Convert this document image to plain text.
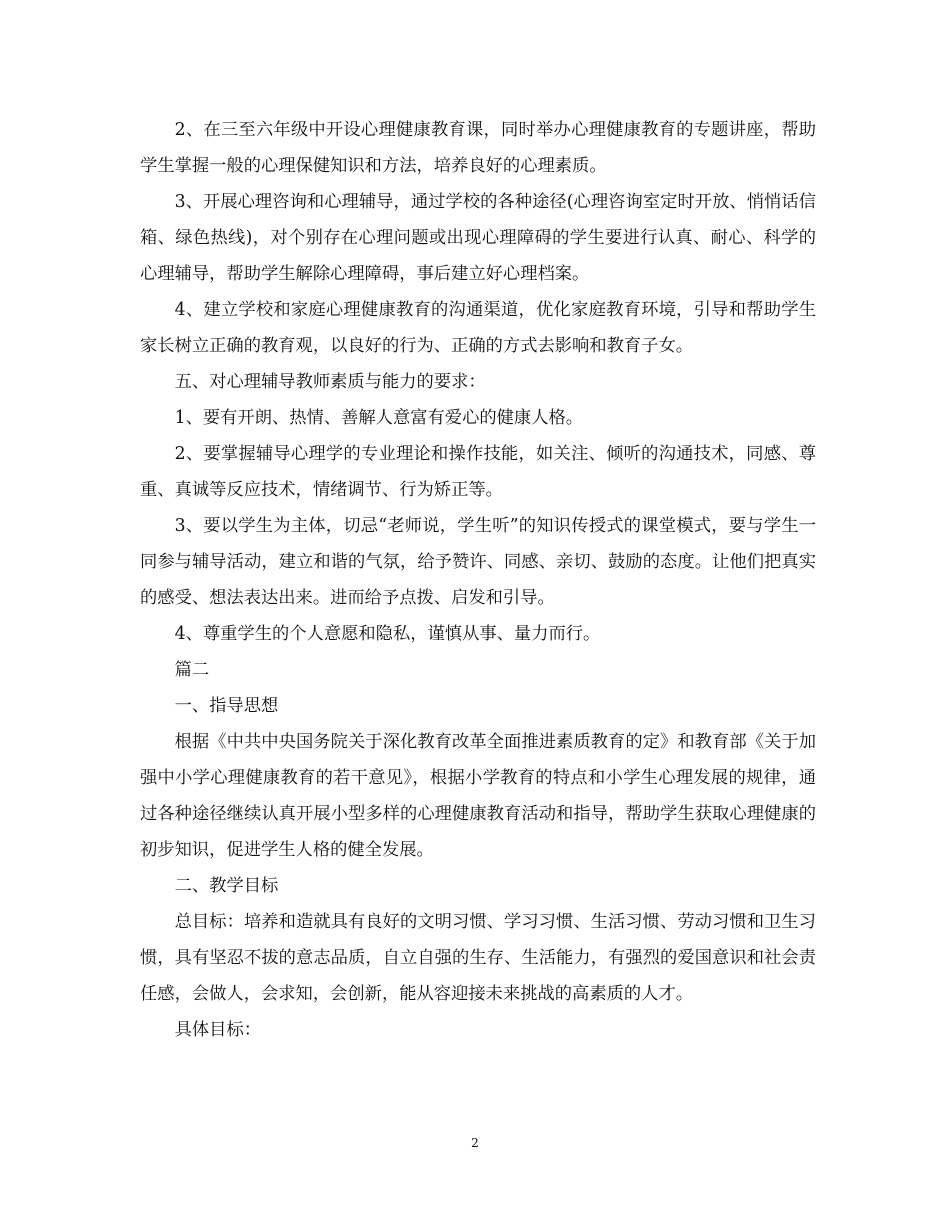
2、在三至六年级中开设心理健康教育课，同时举办心理健康教育的专题讲座，帮助学生掌握一般的心理保健知识和方法，培养良好的心理素质。

3、开展心理咨询和心理辅导，通过学校的各种途径(心理咨询室定时开放、悄悄话信箱、绿色热线)，对个别存在心理问题或出现心理障碍的学生要进行认真、耐心、科学的心理辅导，帮助学生解除心理障碍，事后建立好心理档案。

4、建立学校和家庭心理健康教育的沟通渠道，优化家庭教育环境，引导和帮助学生家长树立正确的教育观，以良好的行为、正确的方式去影响和教育子女。

五、对心理辅导教师素质与能力的要求：

1、要有开朗、热情、善解人意富有爱心的健康人格。

2、要掌握辅导心理学的专业理论和操作技能，如关注、倾听的沟通技术，同感、尊重、真诚等反应技术，情绪调节、行为矫正等。

3、要以学生为主体，切忌“老师说，学生听”的知识传授式的课堂模式，要与学生一同参与辅导活动，建立和谐的气氛，给予赞许、同感、亲切、鼓励的态度。让他们把真实的感受、想法表达出来。进而给予点拨、启发和引导。

4、尊重学生的个人意愿和隐私，谨慎从事、量力而行。

篇二

一、指导思想

根据《中共中央国务院关于深化教育改革全面推进素质教育的定》和教育部《关于加强中小学心理健康教育的若干意见》，根据小学教育的特点和小学生心理发展的规律，通过各种途径继续认真开展小型多样的心理健康教育活动和指导，帮助学生获取心理健康的初步知识，促进学生人格的健全发展。

二、教学目标

总目标：培养和造就具有良好的文明习惯、学习习惯、生活习惯、劳动习惯和卫生习惯，具有坚忍不拔的意志品质，自立自强的生存、生活能力，有强烈的爱国意识和社会责任感，会做人，会求知，会创新，能从容迎接未来挑战的高素质的人才。

具体目标：

2
